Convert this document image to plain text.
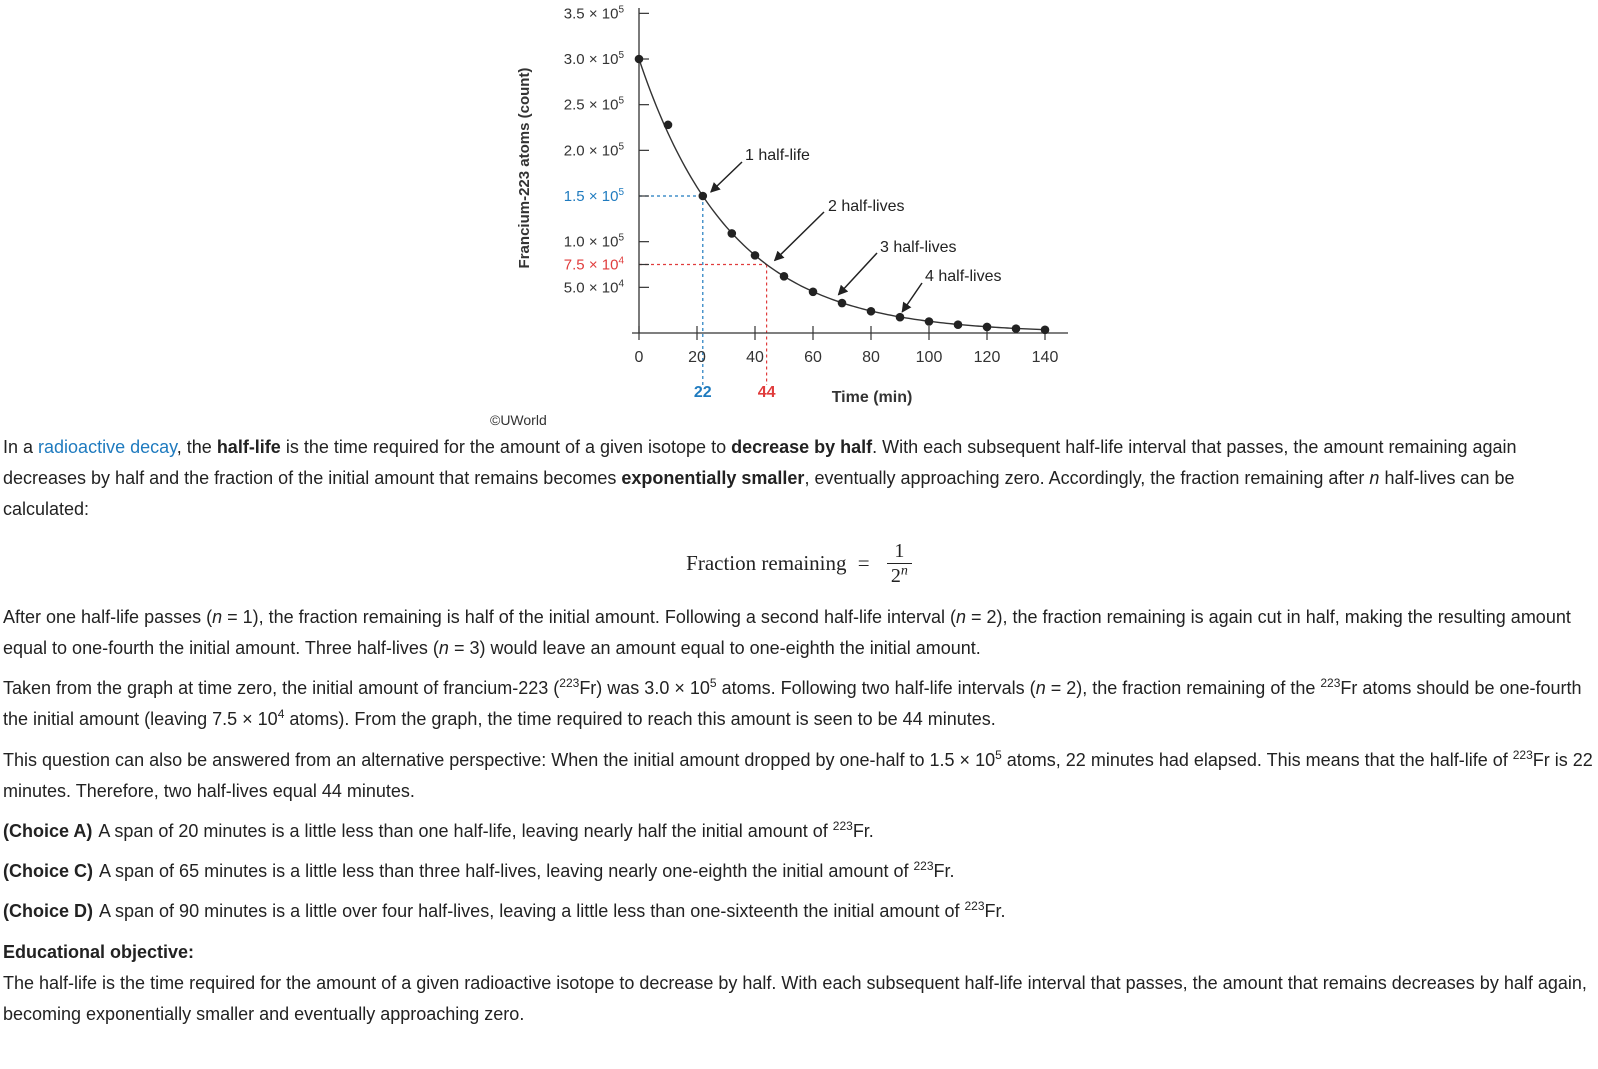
22	44
$3.5 \times 10^5$
$3.0 \times 10^5$
$2.5 \times 10^5$
$2.0 \times 10^5$
$1.5 \times 10^5$
$1.0 \times 10^5$
$7.5 \times 10^4$
$5.0 \times 10^4$
0	20	40	60	80 100 120 140
1 half-life
2 half-lives
3 half-lives
4 half-lives
Francium-223 atoms (count)
Time (min)
©UWorld

In a radioactive decay, the half-life is the time required for the amount of a given isotope to decrease by half. With each subsequent half-life interval that passes, the amount remaining again decreases by half and the fraction of the initial amount that remains becomes exponentially smaller, eventually approaching zero. Accordingly, the fraction remaining after n half-lives can be calculated:

Fraction remaining = $\frac{1}{2^n}$

After one half-life passes (n = 1), the fraction remaining is half of the initial amount. Following a second half-life interval (n = 2), the fraction remaining is again cut in half, making the resulting amount equal to one-fourth the initial amount. Three half-lives (n = 3) would leave an amount equal to one-eighth the initial amount.

Taken from the graph at time zero, the initial amount of francium-223 ($^{223}$Fr) was $3.0 \times 10^5$ atoms. Following two half-life intervals (n = 2), the fraction remaining of the $^{223}$Fr atoms should be one-fourth the initial amount (leaving $7.5 \times 10^4$ atoms). From the graph, the time required to reach this amount is seen to be 44 minutes.

This question can also be answered from an alternative perspective: When the initial amount dropped by one-half to $1.5 \times 10^5$ atoms, 22 minutes had elapsed. This means that the half-life of $^{223}$Fr is 22 minutes. Therefore, two half-lives equal 44 minutes.

(Choice A) A span of 20 minutes is a little less than one half-life, leaving nearly half the initial amount of $^{223}$Fr.

(Choice C) A span of 65 minutes is a little less than three half-lives, leaving nearly one-eighth the initial amount of $^{223}$Fr.

(Choice D) A span of 90 minutes is a little over four half-lives, leaving a little less than one-sixteenth the initial amount of $^{223}$Fr.

Educational objective:

The half-life is the time required for the amount of a given radioactive isotope to decrease by half. With each subsequent half-life interval that passes, the amount that remains decreases by half again, becoming exponentially smaller and eventually approaching zero.
